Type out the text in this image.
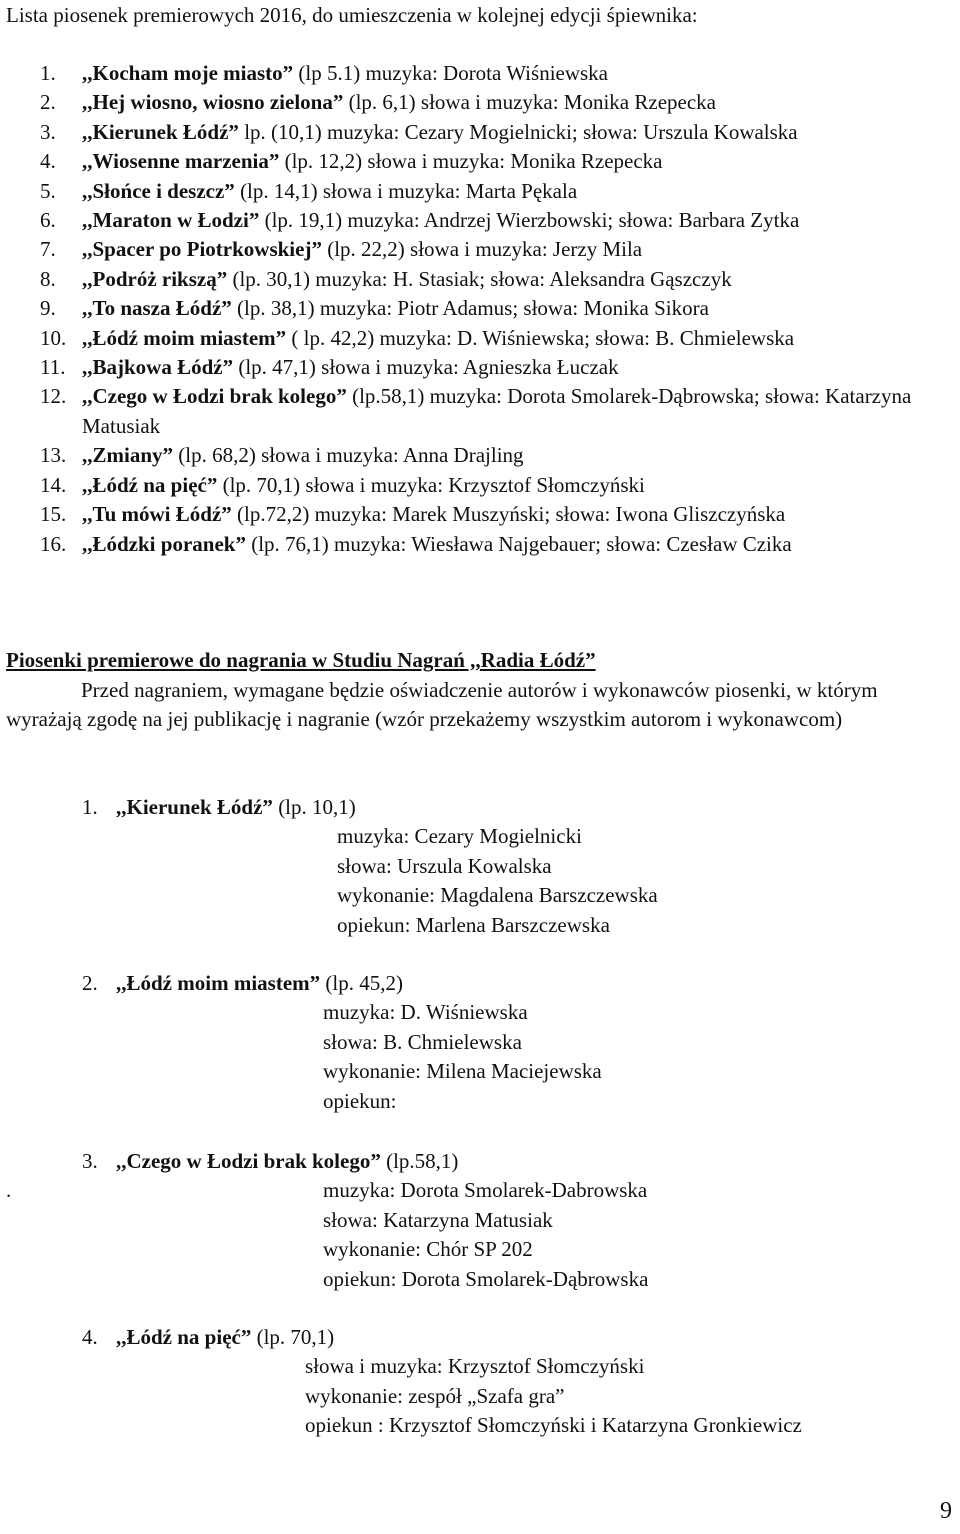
Lista piosenek premierowych 2016, do umieszczenia w kolejnej edycji śpiewnika:
1.	,,Kocham moje miasto” (lp 5.1) muzyka: Dorota Wiśniewska
2.	,,Hej wiosno, wiosno zielona” (lp. 6,1) słowa i muzyka: Monika Rzepecka
3.	,,Kierunek Łódź” lp. (10,1) muzyka: Cezary Mogielnicki; słowa: Urszula Kowalska
4.	,,Wiosenne marzenia” (lp. 12,2) słowa i muzyka: Monika Rzepecka
5.	,,Słońce i deszcz” (lp. 14,1) słowa i muzyka: Marta Pękala
6.	,,Maraton w Łodzi” (lp. 19,1) muzyka: Andrzej Wierzbowski; słowa: Barbara Zytka
7.	,,Spacer po Piotrkowskiej” (lp. 22,2) słowa i muzyka: Jerzy Mila
8.	,,Podróż rikszą” (lp. 30,1) muzyka: H. Stasiak; słowa: Aleksandra Gąszczyk
9.	,,To nasza Łódź” (lp. 38,1) muzyka: Piotr Adamus; słowa: Monika Sikora
10. ,,Łódź moim miastem” ( lp. 42,2) muzyka: D. Wiśniewska; słowa: B. Chmielewska
11. ,,Bajkowa Łódź” (lp. 47,1) słowa i muzyka: Agnieszka Łuczak
12. ,,Czego w Łodzi brak kolego” (lp.58,1) muzyka: Dorota Smolarek-Dąbrowska; słowa: Katarzyna Matusiak
13. ,,Zmiany” (lp. 68,2) słowa i muzyka: Anna Drajling
14. ,,Łódź na pięć” (lp. 70,1) słowa i muzyka: Krzysztof Słomczyński
15. ,,Tu mówi Łódź” (lp.72,2) muzyka: Marek Muszyński; słowa: Iwona Gliszczyńska
16. ,,Łódzki poranek” (lp. 76,1) muzyka: Wiesława Najgebauer; słowa: Czesław Czika
Piosenki premierowe do nagrania w Studiu Nagrań ,,Radia Łódź”
Przed nagraniem, wymagane będzie oświadczenie autorów i wykonawców piosenki, w którym wyrażają zgodę na jej publikację i nagranie (wzór przekażemy wszystkim autorom i wykonawcom)
1. ,,Kierunek Łódź” (lp. 10,1)
muzyka: Cezary Mogielnicki
słowa: Urszula Kowalska
wykonanie: Magdalena Barszczewska
opiekun: Marlena Barszczewska
2. ,,Łódź moim miastem” (lp. 45,2)
muzyka: D. Wiśniewska
słowa: B. Chmielewska
wykonanie: Milena Maciejewska
opiekun:
3. ,,Czego w Łodzi brak kolego” (lp.58,1)
muzyka: Dorota Smolarek-Dabrowska
słowa: Katarzyna Matusiak
wykonanie: Chór SP 202
opiekun: Dorota Smolarek-Dąbrowska
.
4. ,,Łódź na pięć” (lp. 70,1)
słowa i muzyka: Krzysztof Słomczyński
wykonanie: zespół „Szafa gra”
opiekun : Krzysztof Słomczyński i Katarzyna Gronkiewicz
9
